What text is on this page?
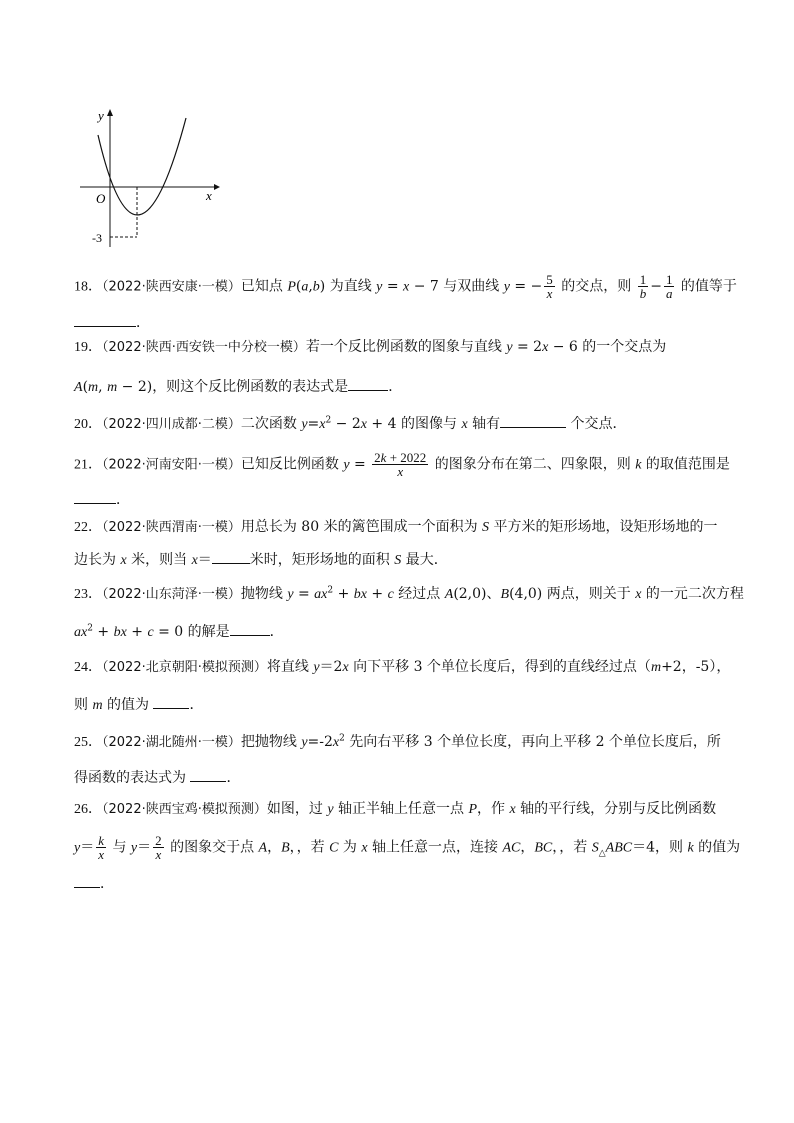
y
x
O
-3
18．（2022·陕西安康·一模）已知点 P(a,b) 为直线 y = x − 7 与双曲线 y = − $\frac{5}{x}$ 的交点，则 $\frac{1}{b} - \frac{1}{a}$ 的值等于
．
19．（2022·陕西·西安铁一中分校一模）若一个反比例函数的图象与直线 y = 2x − 6 的一个交点为
A(m, m − 2)，则这个反比例函数的表达式是	．
20．（2022·四川成都·二模）二次函数 $y=x^2 - 2x + 4$ 的图像与 x 轴有	个交点．
21．（2022·河南安阳·一模）已知反比例函数 $y = \frac{2k + 2022}{x}$ 的图象分布在第二、四象限，则 k 的取值范围是
．
22．（2022·陕西渭南·一模）用总长为 80 米的篱笆围成一个面积为 S 平方米的矩形场地，设矩形场地的一
边长为 x 米，则当 x＝	米时，矩形场地的面积 S 最大．
23．（2022·山东菏泽·一模）抛物线 $y = ax^2$ + bx + c 经过点 A(2,0)、B(4,0) 两点，则关于 x 的一元二次方程
$ax^2$ + bx + c = 0 的解是	．
24．（2022·北京朝阳·模拟预测）将直线 y＝2x 向下平移 3 个单位长度后，得到的直线经过点（m+2，-5），
则 m 的值为	．
25．（2022·湖北随州·一模）把抛物线 $y=-2x^2$ 先向右平移 3 个单位长度，再向上平移 2 个单位长度后，所
得函数的表达式为	．
26．（2022·陕西宝鸡·模拟预测）如图，过 y 轴正半轴上任意一点 P，作 x 轴的平行线，分别与反比例函数
$y= \frac{k}{x}$ 与 $y= \frac{2}{x}$ 的图象交于点 A，B，，若 C 为 x 轴上任意一点，连接 AC，BC，，若 $S_\triangle ABC=4$，则 k 的值为
．
